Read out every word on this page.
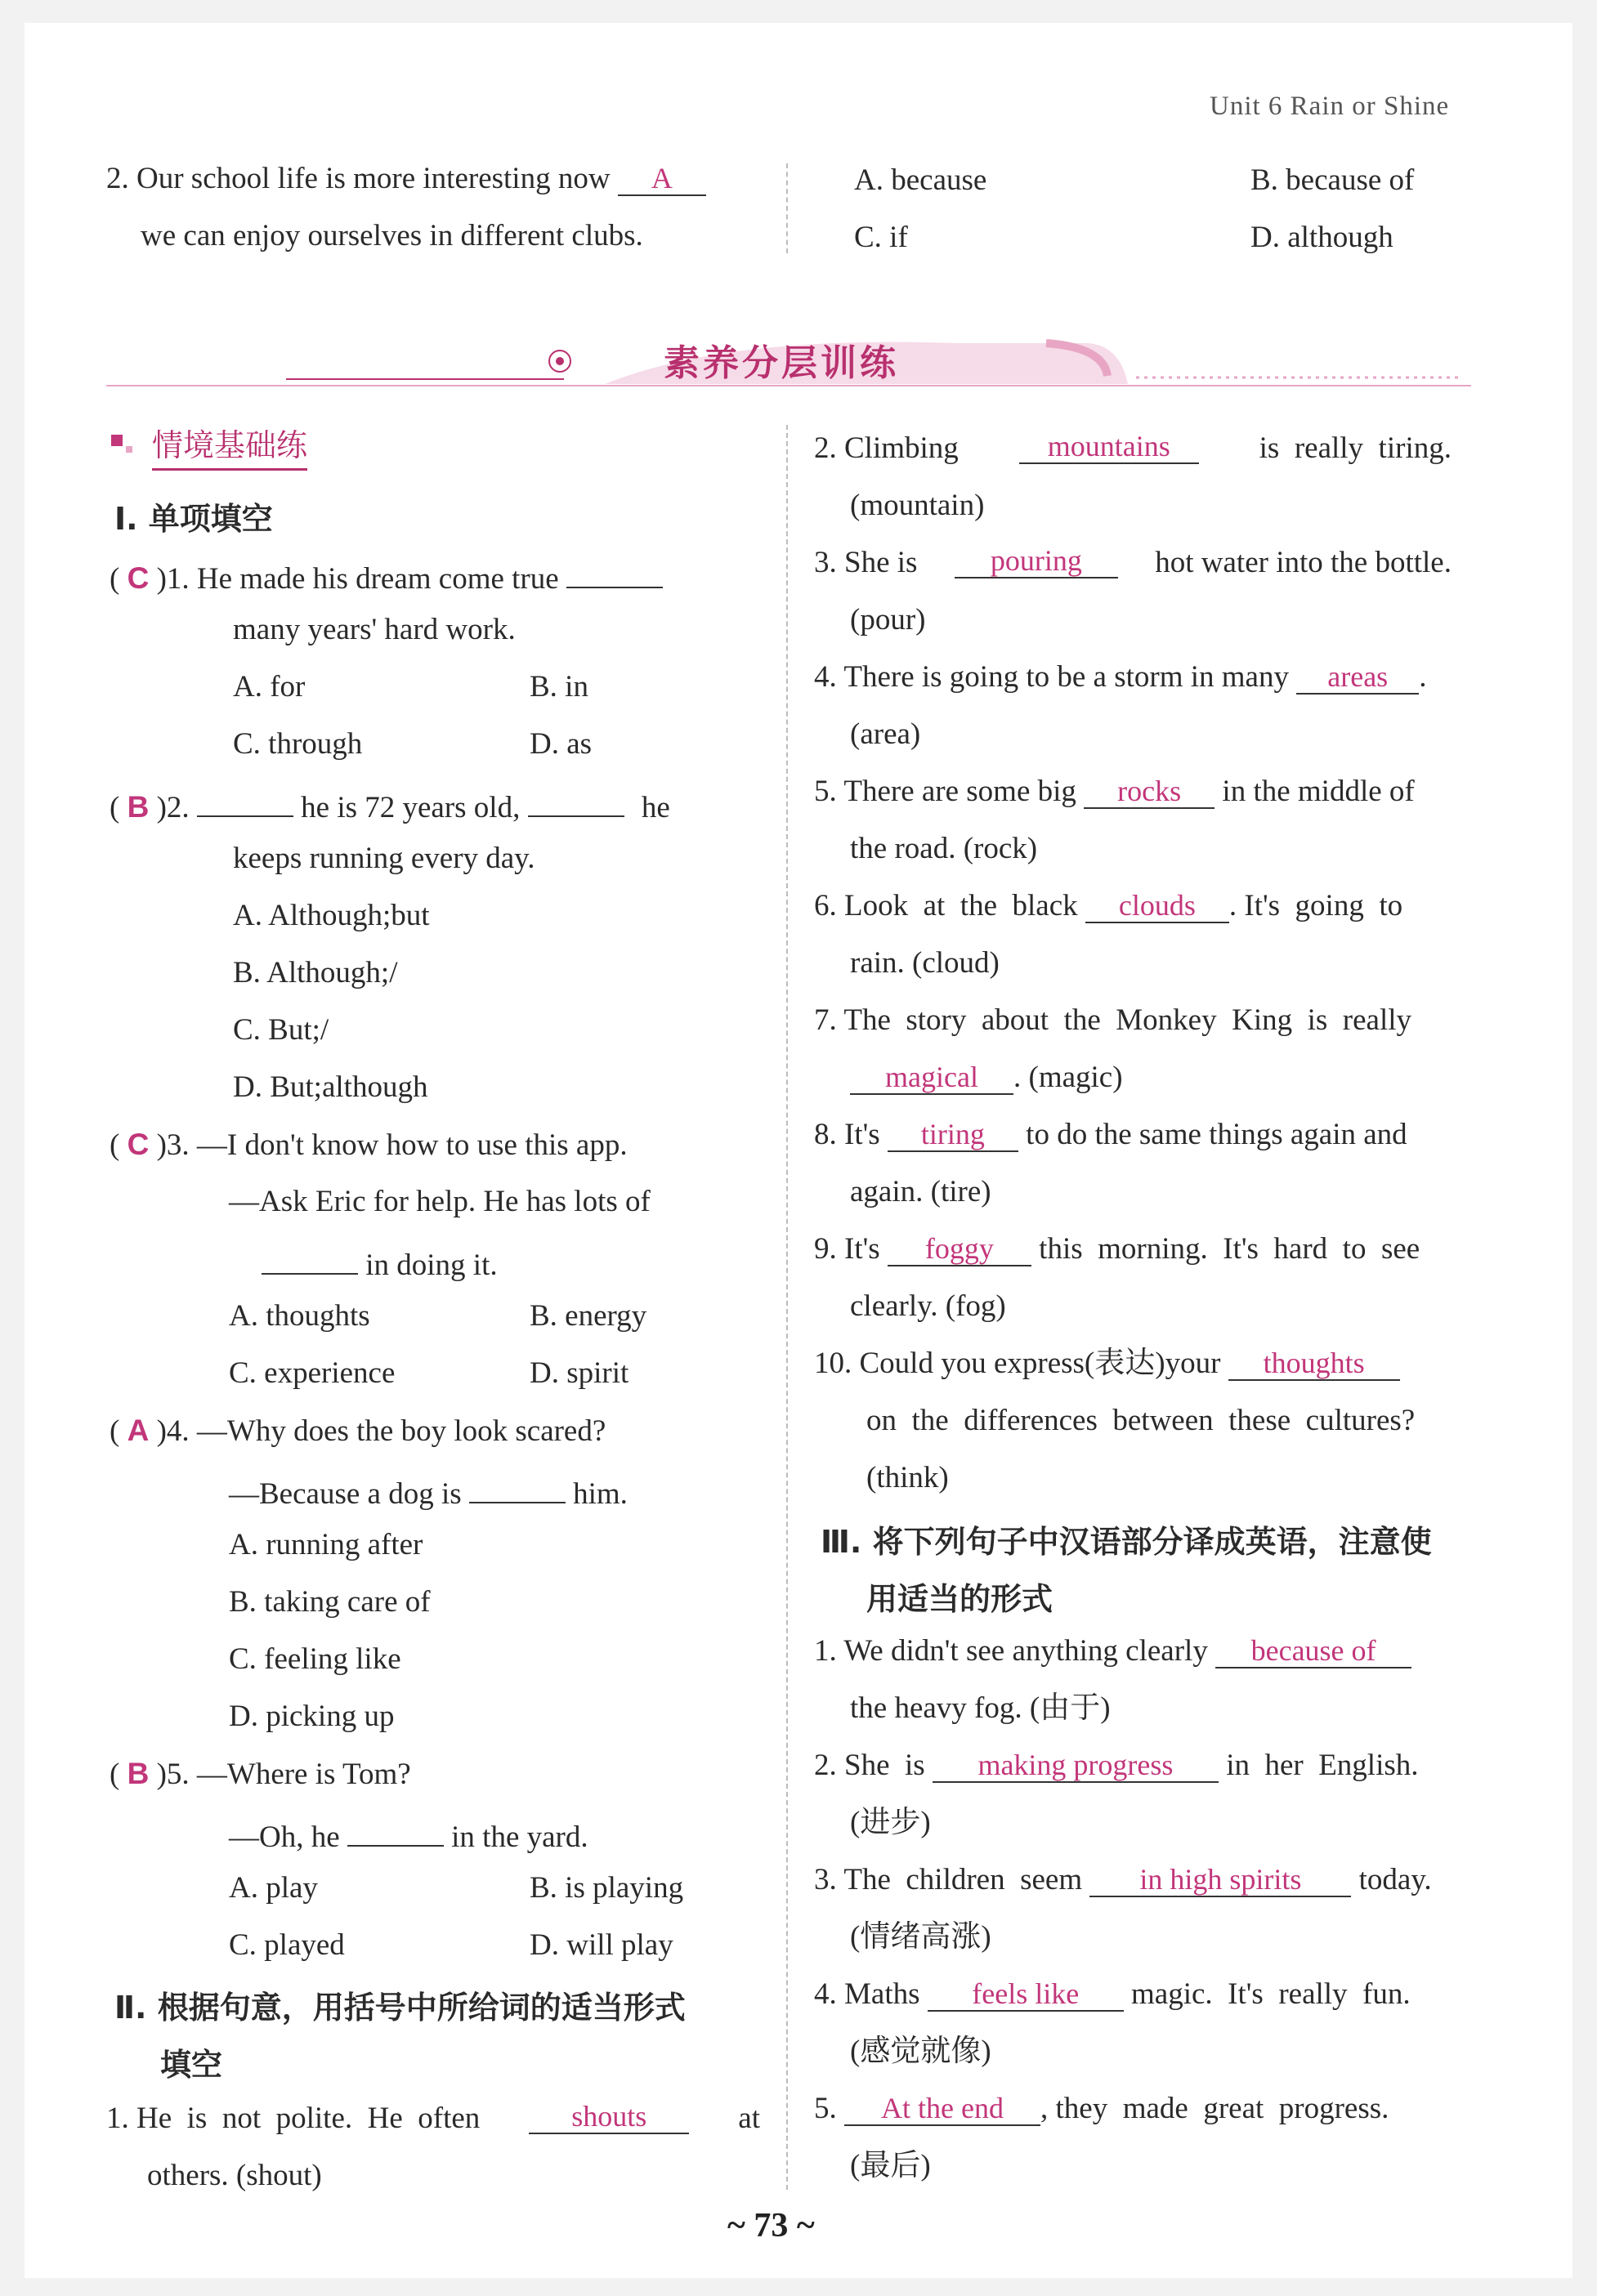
Unit 6 Rain or Shine
2. Our school life is more interesting now A
we can enjoy ourselves in different clubs.
A. because	B. because of
C. if	D. although
素养分层训练
情境基础练
Ⅰ. 单项填空
( C )1. He made his dream come true
many years' hard work.
A. for	B. in
C. through	D. as
( B )2.	he is 72 years old,	he
keeps running every day.
A. Although;but
B. Although;/
C. But;/
D. But;although
( C )3. —I don't know how to use this app.
—Ask Eric for help. He has lots of
in doing it.
A. thoughts	B. energy
C. experience	D. spirit
( A )4. —Why does the boy look scared?
—Because a dog is	him.
A. running after
B. taking care of
C. feeling like
D. picking up
( B )5. —Where is Tom?
—Oh, he	in the yard.
A. play	B. is playing
C. played	D. will play
Ⅱ. 根据句意，用括号中所给词的适当形式
填空
1. He  is  not  polite.  He  often	shouts	at
others. (shout)
2. Climbing	mountains	is  really  tiring.
(mountain)
3. She is	pouring	hot water into the bottle.
(pour)
4. There is going to be a storm in many areas .
(area)
5. There are some big rocks in the middle of
the road. (rock)
6. Look  at  the  black clouds . It's  going  to
rain. (cloud)
7. The  story  about  the  Monkey  King  is  really
magical . (magic)
8. It's tiring to do the same things again and
again. (tire)
9. It's foggy this  morning.  It's  hard  to  see
clearly. (fog)
10. Could you express(表达)your thoughts
on  the  differences  between  these  cultures?
(think)
Ⅲ. 将下列句子中汉语部分译成英语，注意使
用适当的形式
1. We didn't see anything clearly because of
the heavy fog. (由于)
2. She  is making progress in  her  English.
(进步)
3. The  children  seem in high spirits today.
(情绪高涨)
4. Maths feels like magic.  It's  really  fun.
(感觉就像)
5. At the end , they  made  great  progress.
(最后)
~ 73 ~
